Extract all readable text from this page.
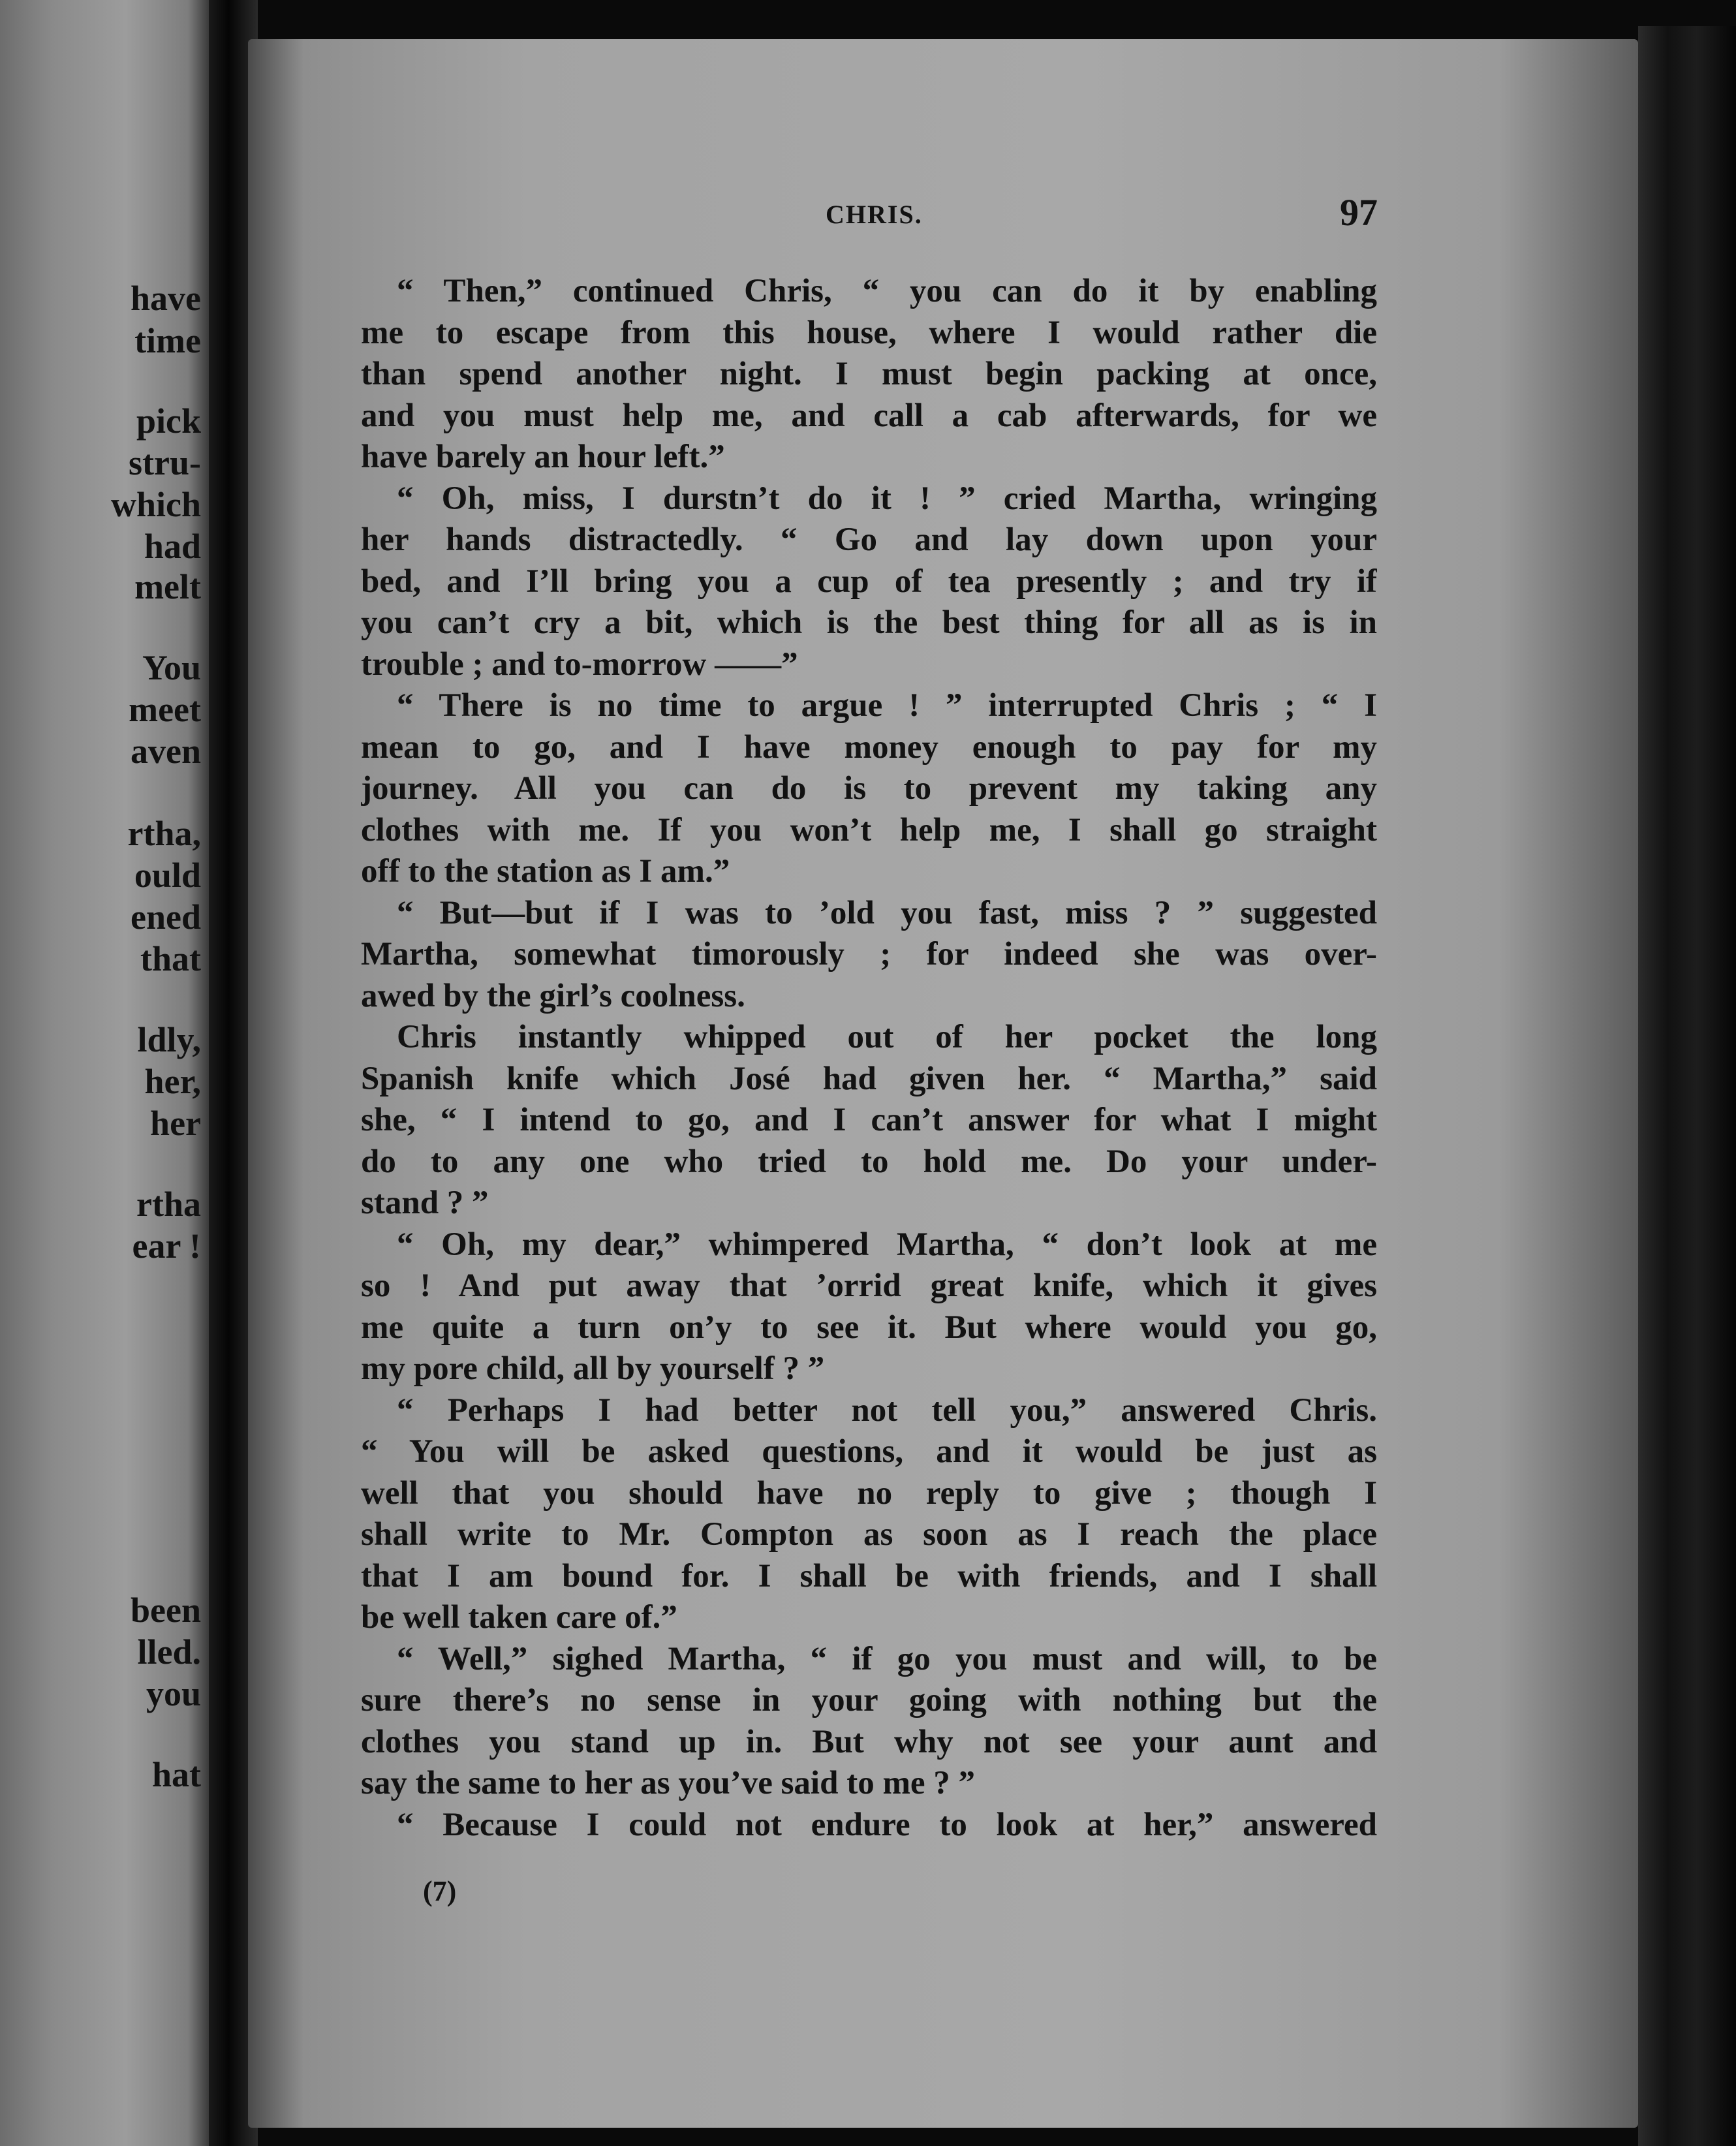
have
time
pick
stru-
which
had
melt
You
meet
aven
rtha,
ould
ened
that
ldly,
her,
her
rtha
ear !
been
lled.
you
hat
CHRIS.	97
“ Then,” continued Chris, “ you can do it by enabling
me to escape from this house, where I would rather die
than spend another night. I must begin packing at once,
and you must help me, and call a cab afterwards, for we
have barely an hour left.”
“ Oh, miss, I durstn’t do it ! ” cried Martha, wringing
her hands distractedly. “ Go and lay down upon your
bed, and I’ll bring you a cup of tea presently ; and try if
you can’t cry a bit, which is the best thing for all as is in
trouble ; and to-morrow ——”
“ There is no time to argue ! ” interrupted Chris ; “ I
mean to go, and I have money enough to pay for my
journey. All you can do is to prevent my taking any
clothes with me. If you won’t help me, I shall go straight
off to the station as I am.”
“ But—but if I was to ’old you fast, miss ? ” suggested
Martha, somewhat timorously ; for indeed she was over-
awed by the girl’s coolness.
Chris instantly whipped out of her pocket the long
Spanish knife which José had given her. “ Martha,” said
she, “ I intend to go, and I can’t answer for what I might
do to any one who tried to hold me. Do your under-
stand ? ”
“ Oh, my dear,” whimpered Martha, “ don’t look at me
so ! And put away that ’orrid great knife, which it gives
me quite a turn on’y to see it. But where would you go,
my pore child, all by yourself ? ”
“ Perhaps I had better not tell you,” answered Chris.
“ You will be asked questions, and it would be just as
well that you should have no reply to give ; though I
shall write to Mr. Compton as soon as I reach the place
that I am bound for. I shall be with friends, and I shall
be well taken care of.”
“ Well,” sighed Martha, “ if go you must and will, to be
sure there’s no sense in your going with nothing but the
clothes you stand up in. But why not see your aunt and
say the same to her as you’ve said to me ? ”
“ Because I could not endure to look at her,” answered
(7)
